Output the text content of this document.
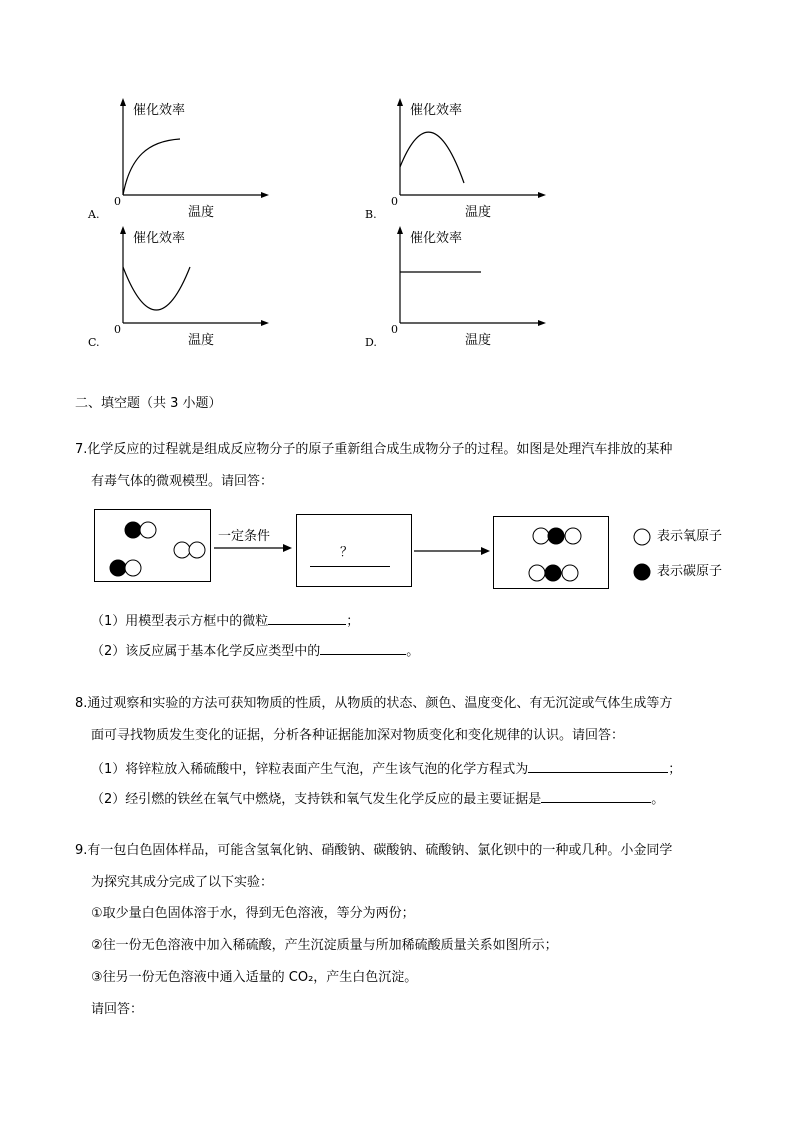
催化效率
温度
0
A.
催化效率
温度
0
B.
催化效率
温度
0
C.
催化效率
温度
0
D.
二、填空题（共 3 小题）
7.化学反应的过程就是组成反应物分子的原子重新组合成生成物分子的过程。如图是处理汽车排放的某种
有毒气体的微观模型。请回答：
一定条件
？
表示氧原子
表示碳原子
（1）用模型表示方框中的微粒	；
（2）该反应属于基本化学反应类型中的	。
8.通过观察和实验的方法可获知物质的性质，从物质的状态、颜色、温度变化、有无沉淀或气体生成等方
面可寻找物质发生变化的证据，分析各种证据能加深对物质变化和变化规律的认识。请回答：
（1）将锌粒放入稀硫酸中，锌粒表面产生气泡，产生该气泡的化学方程式为	；
（2）经引燃的铁丝在氧气中燃烧，支持铁和氧气发生化学反应的最主要证据是	。
9.有一包白色固体样品，可能含氢氧化钠、硝酸钠、碳酸钠、硫酸钠、氯化钡中的一种或几种。小金同学
为探究其成分完成了以下实验：
①取少量白色固体溶于水，得到无色溶液，等分为两份；
②往一份无色溶液中加入稀硫酸，产生沉淀质量与所加稀硫酸质量关系如图所示；
③往另一份无色溶液中通入适量的 CO₂，产生白色沉淀。
请回答：
